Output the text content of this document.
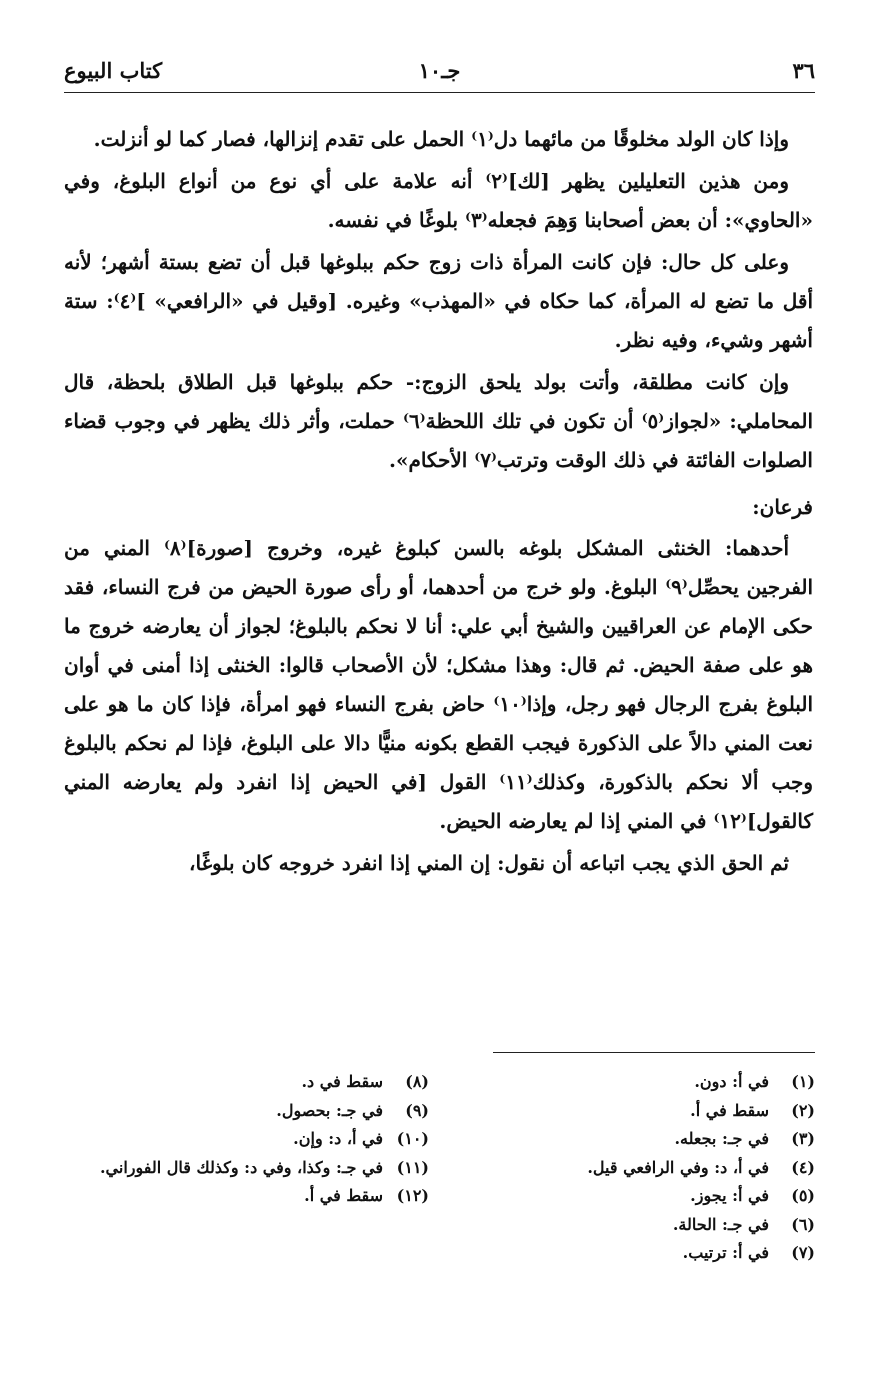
٣٦
جـ١٠
كتاب البيوع

وإذا كان الولد مخلوقًا من مائهما دل⁽١⁾ الحمل على تقدم إنزالها، فصار كما لو أنزلت.

ومن هذين التعليلين يظهر [لك]⁽٢⁾ أنه علامة على أي نوع من أنواع البلوغ، وفي «الحاوي»: أن بعض أصحابنا وَهِمَ فجعله⁽٣⁾ بلوغًا في نفسه.

وعلى كل حال: فإن كانت المرأة ذات زوج حكم ببلوغها قبل أن تضع بستة أشهر؛ لأنه أقل ما تضع له المرأة، كما حكاه في «المهذب» وغيره. [وقيل في «الرافعي» ]⁽٤⁾: ستة أشهر وشيء، وفيه نظر.

وإن كانت مطلقة، وأتت بولد يلحق الزوج:- حكم ببلوغها قبل الطلاق بلحظة، قال المحاملي: «لجواز⁽٥⁾ أن تكون في تلك اللحظة⁽٦⁾ حملت، وأثر ذلك يظهر في وجوب قضاء الصلوات الفائتة في ذلك الوقت وترتب⁽٧⁾ الأحكام».

فرعان:

أحدهما: الخنثى المشكل بلوغه بالسن كبلوغ غيره، وخروج [صورة]⁽٨⁾ المني من الفرجين يحصِّل⁽٩⁾ البلوغ. ولو خرج من أحدهما، أو رأى صورة الحيض من فرج النساء، فقد حكى الإمام عن العراقيين والشيخ أبي علي: أنا لا نحكم بالبلوغ؛ لجواز أن يعارضه خروج ما هو على صفة الحيض. ثم قال: وهذا مشكل؛ لأن الأصحاب قالوا: الخنثى إذا أمنى في أوان البلوغ بفرج الرجال فهو رجل، وإذا⁽١٠⁾ حاض بفرج النساء فهو امرأة، فإذا كان ما هو على نعت المني دالاً على الذكورة فيجب القطع بكونه منيًّا دالا على البلوغ، فإذا لم نحكم بالبلوغ وجب ألا نحكم بالذكورة، وكذلك⁽١١⁾ القول [في الحيض إذا انفرد ولم يعارضه المني كالقول]⁽١٢⁾ في المني إذا لم يعارضه الحيض.

ثم الحق الذي يجب اتباعه أن نقول: إن المني إذا انفرد خروجه كان بلوغًا،

(١)
في أ: دون.
(٢)
سقط في أ.
(٣)
في جـ: بجعله.
(٤)
في أ، د: وفي الرافعي قيل.
(٥)
في أ: يجوز.
(٦)
في جـ: الحالة.
(٧)
في أ: ترتيب.
(٨)
سقط في د.
(٩)
في جـ: بحصول.
(١٠)
في أ، د: وإن.
(١١)
في جـ: وكذا، وفي د: وكذلك قال الفوراني.
(١٢)
سقط في أ.
